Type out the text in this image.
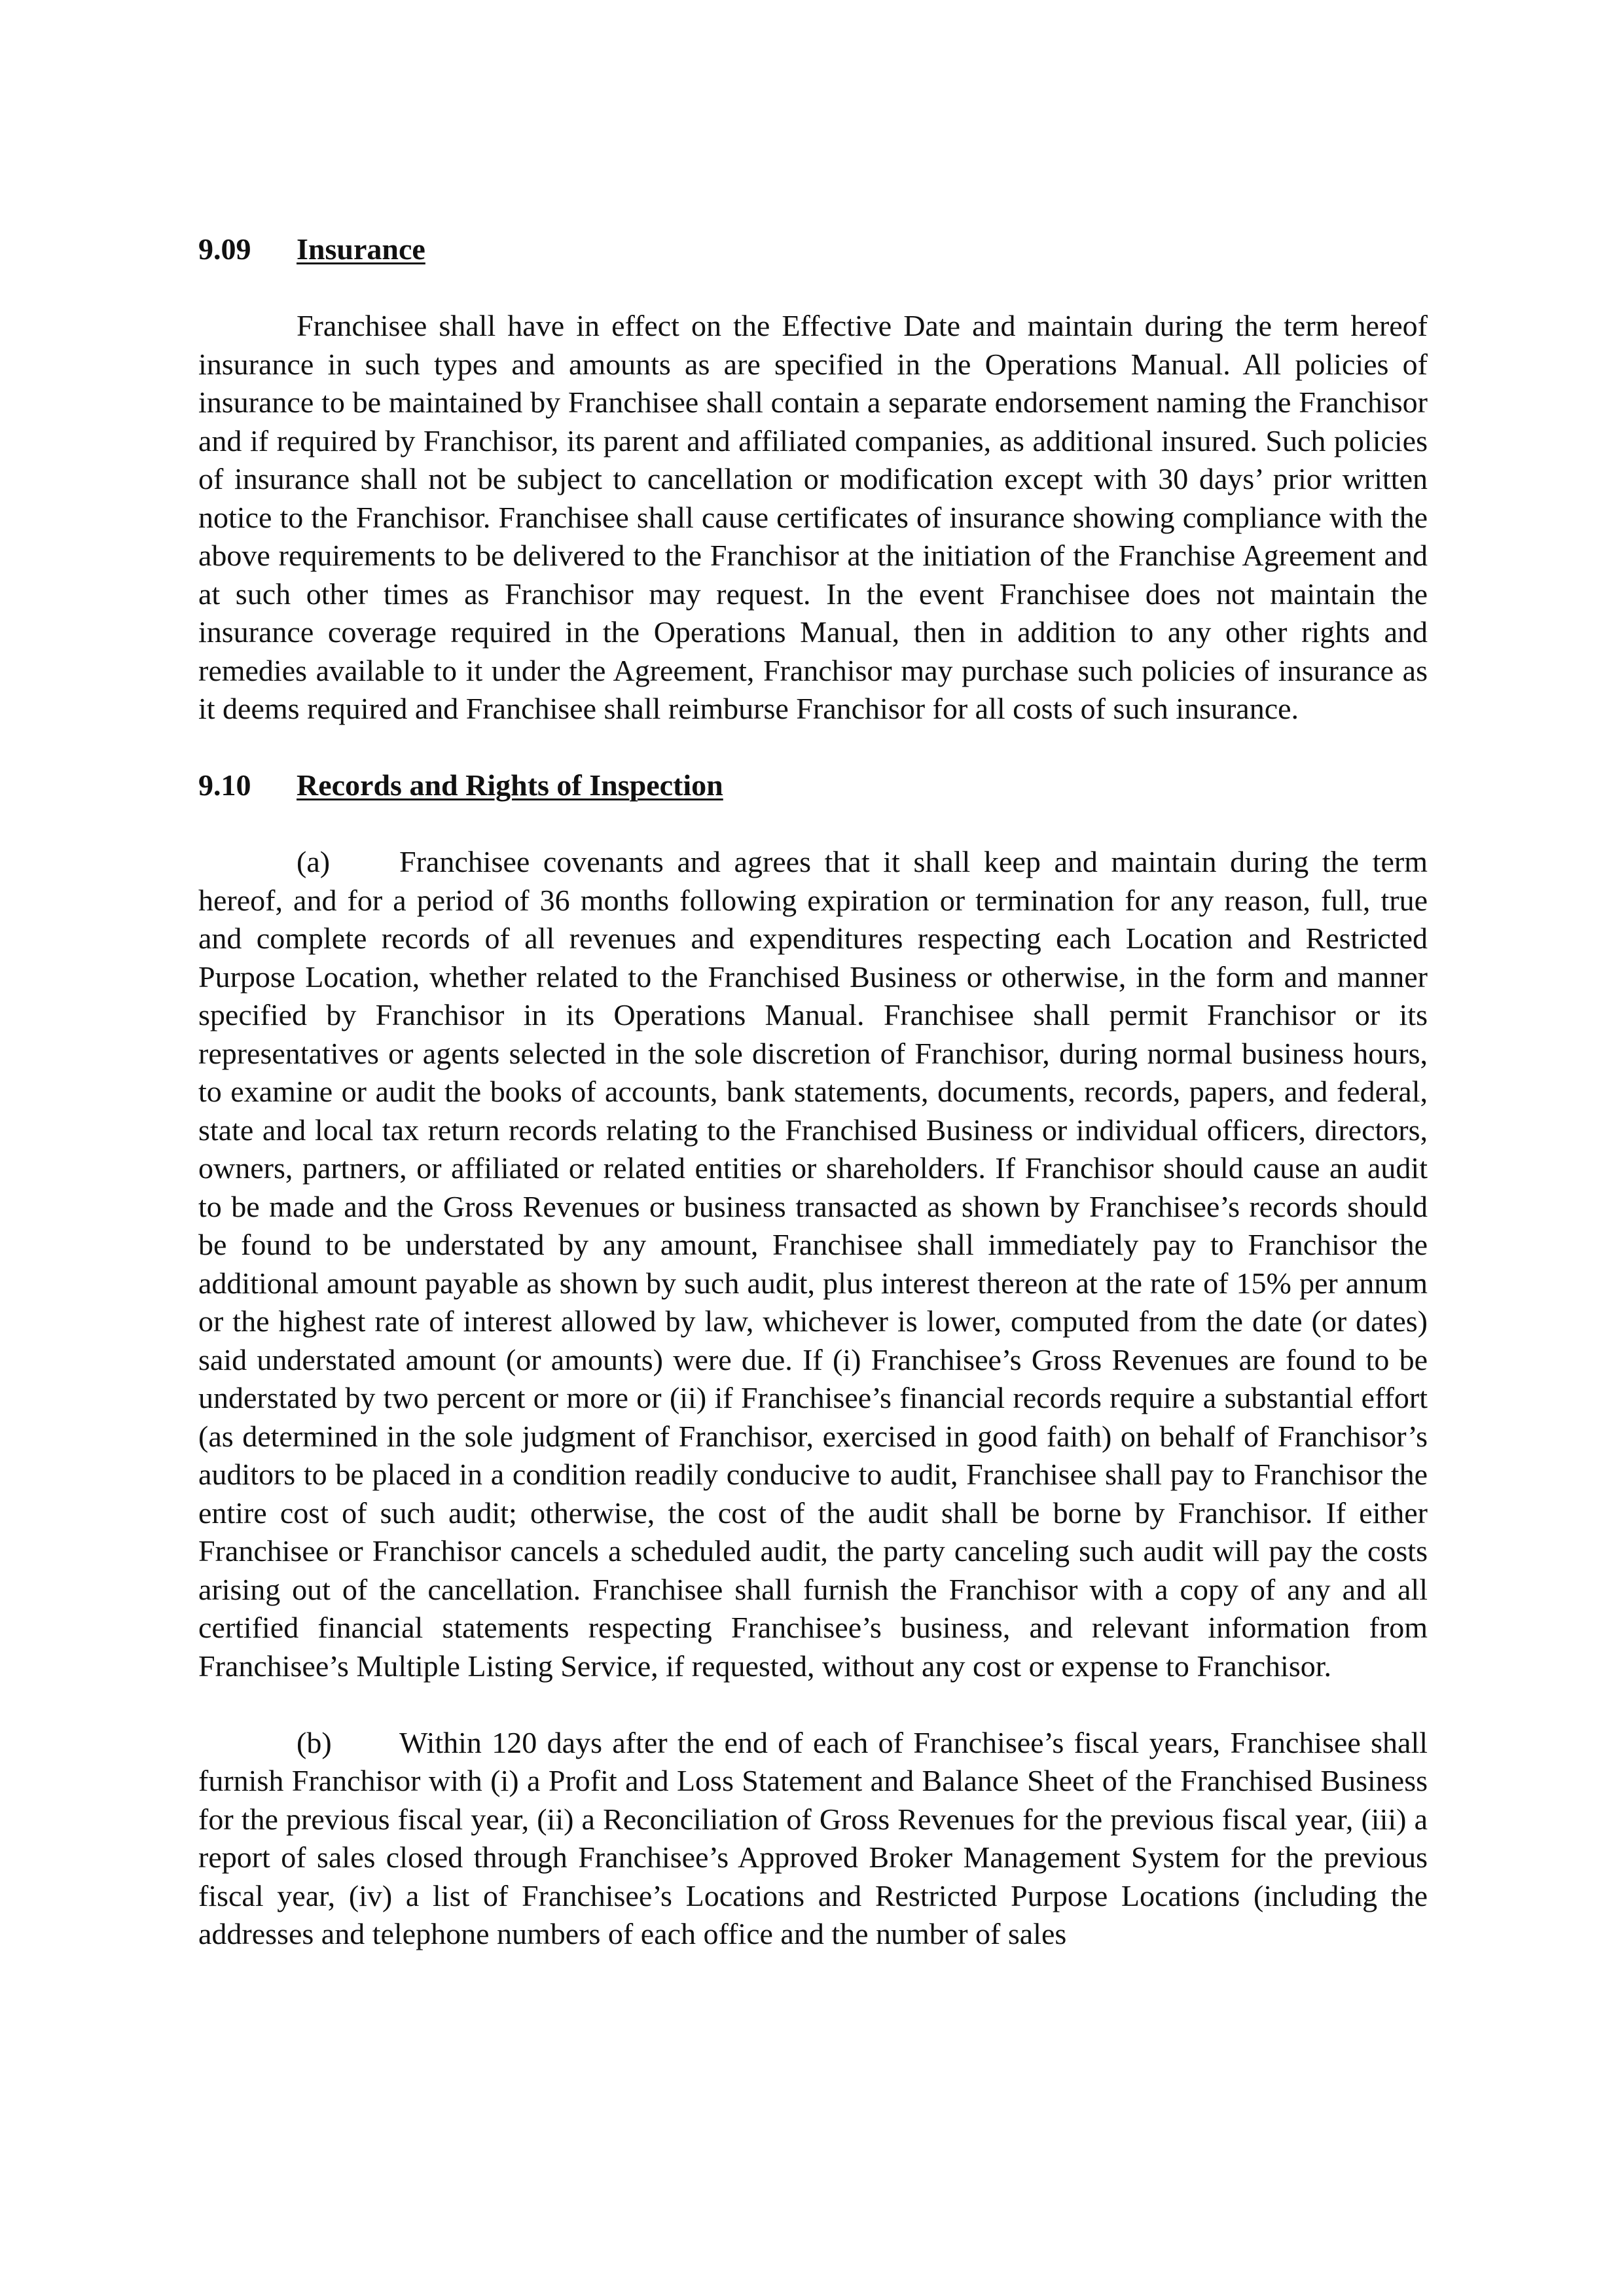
9.09 Insurance

Franchisee shall have in effect on the Effective Date and maintain during the term hereof insurance in such types and amounts as are specified in the Operations Manual. All policies of insurance to be maintained by Franchisee shall contain a separate endorsement naming the Franchisor and if required by Franchisor, its parent and affiliated companies, as additional insured. Such policies of insurance shall not be subject to cancellation or modification except with 30 days’ prior written notice to the Franchisor. Franchisee shall cause certificates of insurance showing compliance with the above requirements to be delivered to the Franchisor at the initiation of the Franchise Agreement and at such other times as Franchisor may request. In the event Franchisee does not maintain the insurance coverage required in the Operations Manual, then in addition to any other rights and remedies available to it under the Agreement, Franchisor may purchase such policies of insurance as it deems required and Franchisee shall reimburse Franchisor for all costs of such insurance.

9.10 Records and Rights of Inspection

(a) Franchisee covenants and agrees that it shall keep and maintain during the term hereof, and for a period of 36 months following expiration or termination for any reason, full, true and complete records of all revenues and expenditures respecting each Location and Restricted Purpose Location, whether related to the Franchised Business or otherwise, in the form and manner specified by Franchisor in its Operations Manual. Franchisee shall permit Franchisor or its representatives or agents selected in the sole discretion of Franchisor, during normal business hours, to examine or audit the books of accounts, bank statements, documents, records, papers, and federal, state and local tax return records relating to the Franchised Business or individual officers, directors, owners, partners, or affiliated or related entities or shareholders. If Franchisor should cause an audit to be made and the Gross Revenues or business transacted as shown by Franchisee’s records should be found to be understated by any amount, Franchisee shall immediately pay to Franchisor the additional amount payable as shown by such audit, plus interest thereon at the rate of 15% per annum or the highest rate of interest allowed by law, whichever is lower, computed from the date (or dates) said understated amount (or amounts) were due. If (i) Franchisee’s Gross Revenues are found to be understated by two percent or more or (ii) if Franchisee’s financial records require a substantial effort (as determined in the sole judgment of Franchisor, exercised in good faith) on behalf of Franchisor’s auditors to be placed in a condition readily conducive to audit, Franchisee shall pay to Franchisor the entire cost of such audit; otherwise, the cost of the audit shall be borne by Franchisor. If either Franchisee or Franchisor cancels a scheduled audit, the party canceling such audit will pay the costs arising out of the cancellation. Franchisee shall furnish the Franchisor with a copy of any and all certified financial statements respecting Franchisee’s business, and relevant information from Franchisee’s Multiple Listing Service, if requested, without any cost or expense to Franchisor.

(b) Within 120 days after the end of each of Franchisee’s fiscal years, Franchisee shall furnish Franchisor with (i) a Profit and Loss Statement and Balance Sheet of the Franchised Business for the previous fiscal year, (ii) a Reconciliation of Gross Revenues for the previous fiscal year, (iii) a report of sales closed through Franchisee’s Approved Broker Management System for the previous fiscal year, (iv) a list of Franchisee’s Locations and Restricted Purpose Locations (including the addresses and telephone numbers of each office and the number of sales
